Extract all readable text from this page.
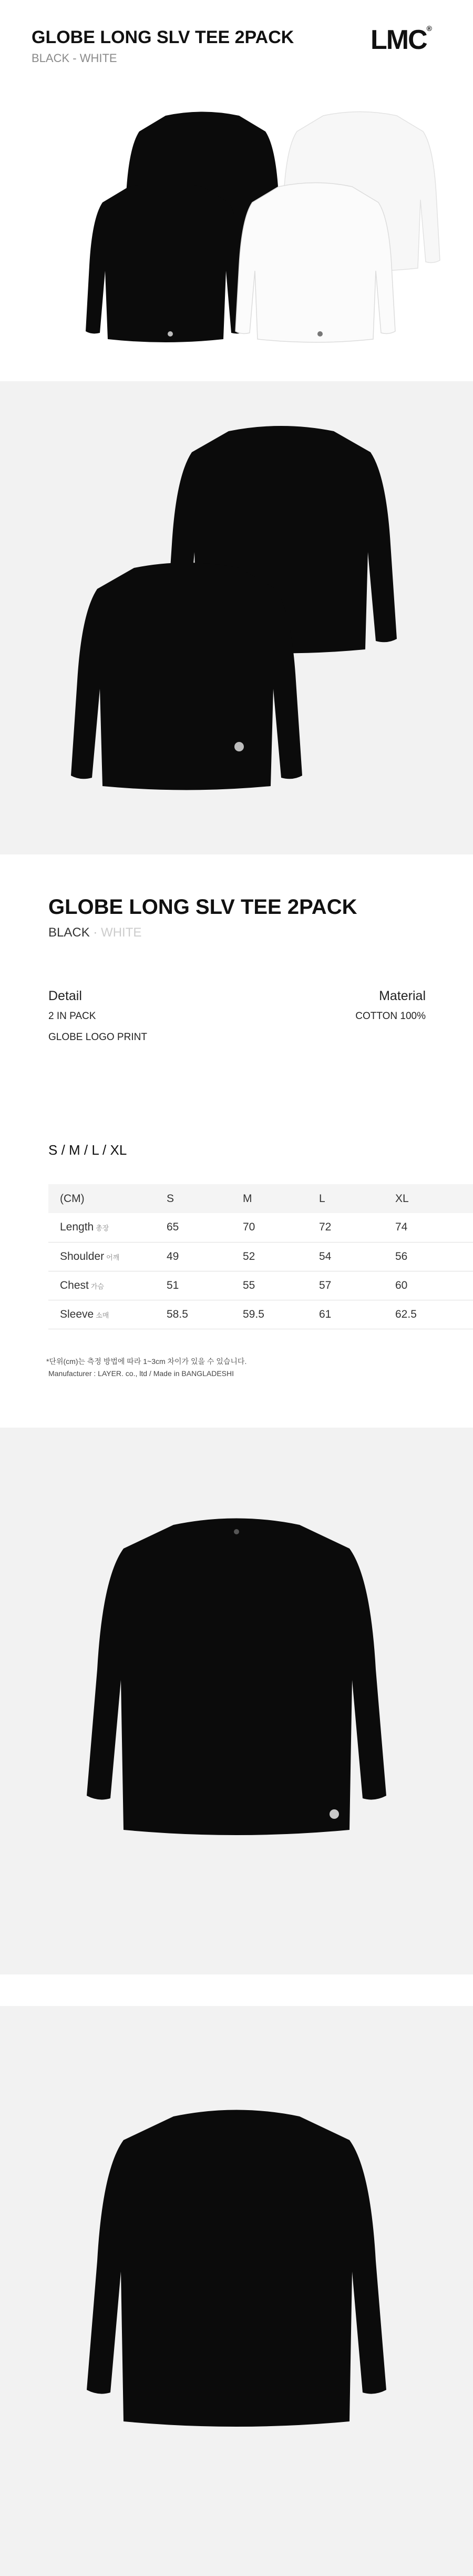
GLOBE LONG SLV TEE 2PACK
BLACK - WHITE
LMC®
GLOBE LONG SLV TEE 2PACK
BLACK · WHITE
Detail
2 IN PACK
GLOBE LOGO PRINT
Material
COTTON 100%
S / M / L / XL
(CM)	S	M	L	XL
Length 총장	65	70	72	74
Shoulder 어깨	49	52	54	56
Chest 가슴	51	55	57	60
Sleeve 소매	58.5	59.5	61	62.5
*단위(cm)는 측정 방법에 따라 1~3cm 차이가 있을 수 있습니다.
Manufacturer : LAYER. co., ltd / Made in BANGLADESHI
